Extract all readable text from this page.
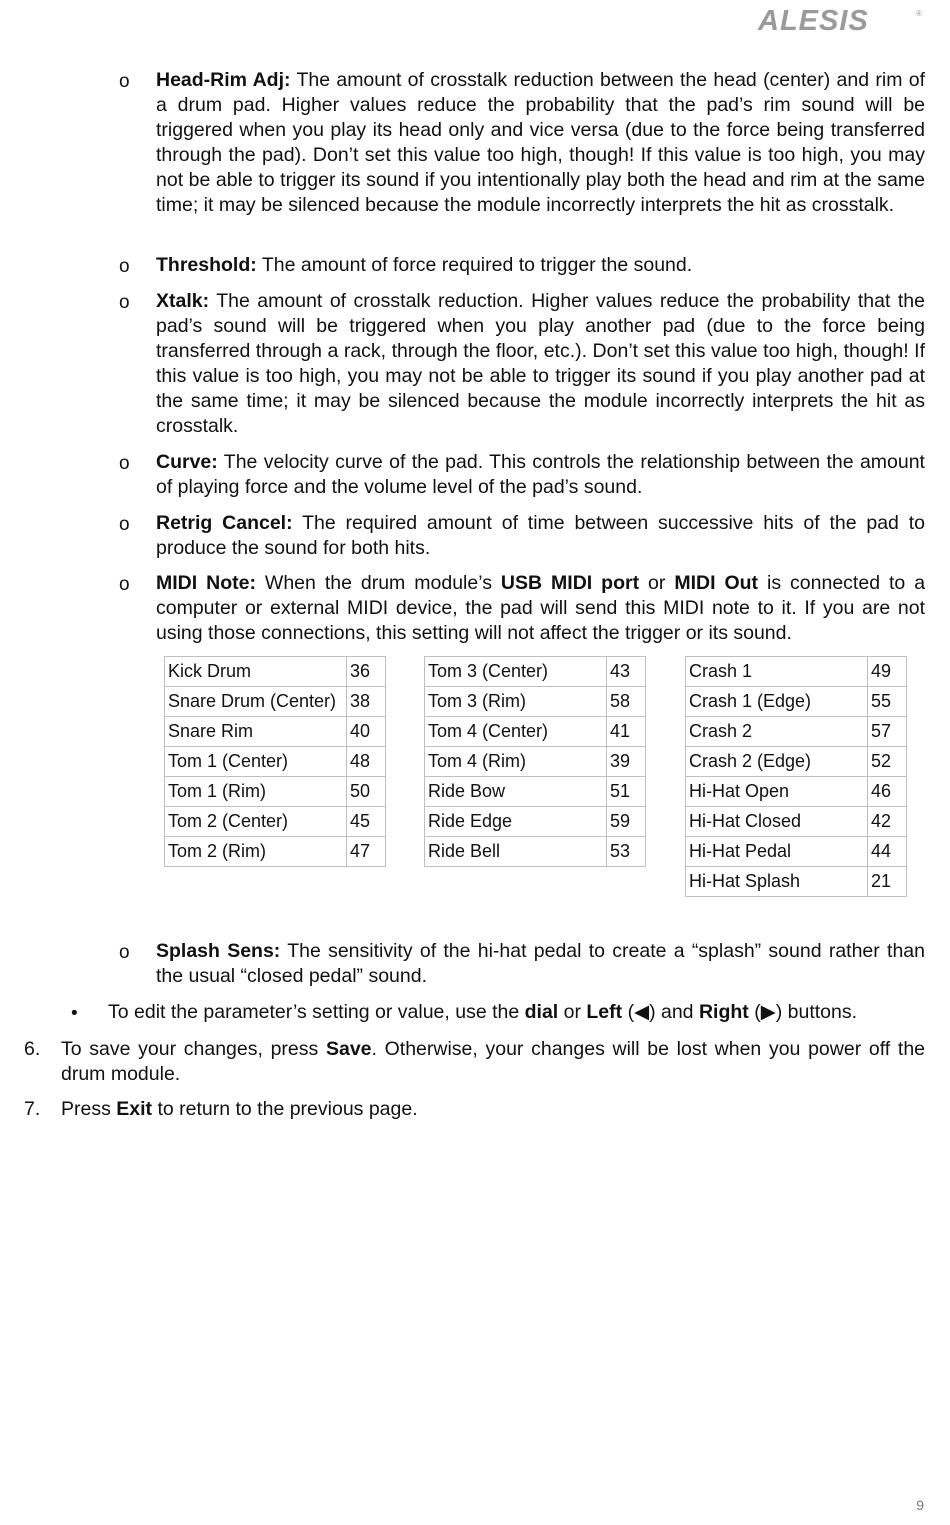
ALESIS	®
o Head-Rim Adj: The amount of crosstalk reduction between the head (center) and rim of a drum pad. Higher values reduce the probability that the pad’s rim sound will be triggered when you play its head only and vice versa (due to the force being transferred through the pad). Don’t set this value too high, though! If this value is too high, you may not be able to trigger its sound if you intentionally play both the head and rim at the same time; it may be silenced because the module incorrectly interprets the hit as crosstalk.
o Threshold: The amount of force required to trigger the sound.
o Xtalk: The amount of crosstalk reduction. Higher values reduce the probability that the pad’s sound will be triggered when you play another pad (due to the force being transferred through a rack, through the floor, etc.). Don’t set this value too high, though! If this value is too high, you may not be able to trigger its sound if you play another pad at the same time; it may be silenced because the module incorrectly interprets the hit as crosstalk.
o Curve: The velocity curve of the pad. This controls the relationship between the amount of playing force and the volume level of the pad’s sound.
o Retrig Cancel: The required amount of time between successive hits of the pad to produce the sound for both hits.
o MIDI Note: When the drum module’s USB MIDI port or MIDI Out is connected to a computer or external MIDI device, the pad will send this MIDI note to it. If you are not using those connections, this setting will not affect the trigger or its sound.
Kick Drum	36
Snare Drum (Center)	38
Snare Rim	40
Tom 1 (Center)	48
Tom 1 (Rim)	50
Tom 2 (Center)	45
Tom 2 (Rim)	47
Tom 3 (Center)	43
Tom 3 (Rim)	58
Tom 4 (Center)	41
Tom 4 (Rim)	39
Ride Bow	51
Ride Edge	59
Ride Bell	53
Crash 1	49
Crash 1 (Edge)	55
Crash 2	57
Crash 2 (Edge)	52
Hi-Hat Open	46
Hi-Hat Closed	42
Hi-Hat Pedal	44
Hi-Hat Splash	21
o Splash Sens: The sensitivity of the hi-hat pedal to create a “splash” sound rather than the usual “closed pedal” sound.
• To edit the parameter’s setting or value, use the dial or Left (◀) and Right (▶) buttons.
6. To save your changes, press Save. Otherwise, your changes will be lost when you power off the drum module.
7. Press Exit to return to the previous page.
9
